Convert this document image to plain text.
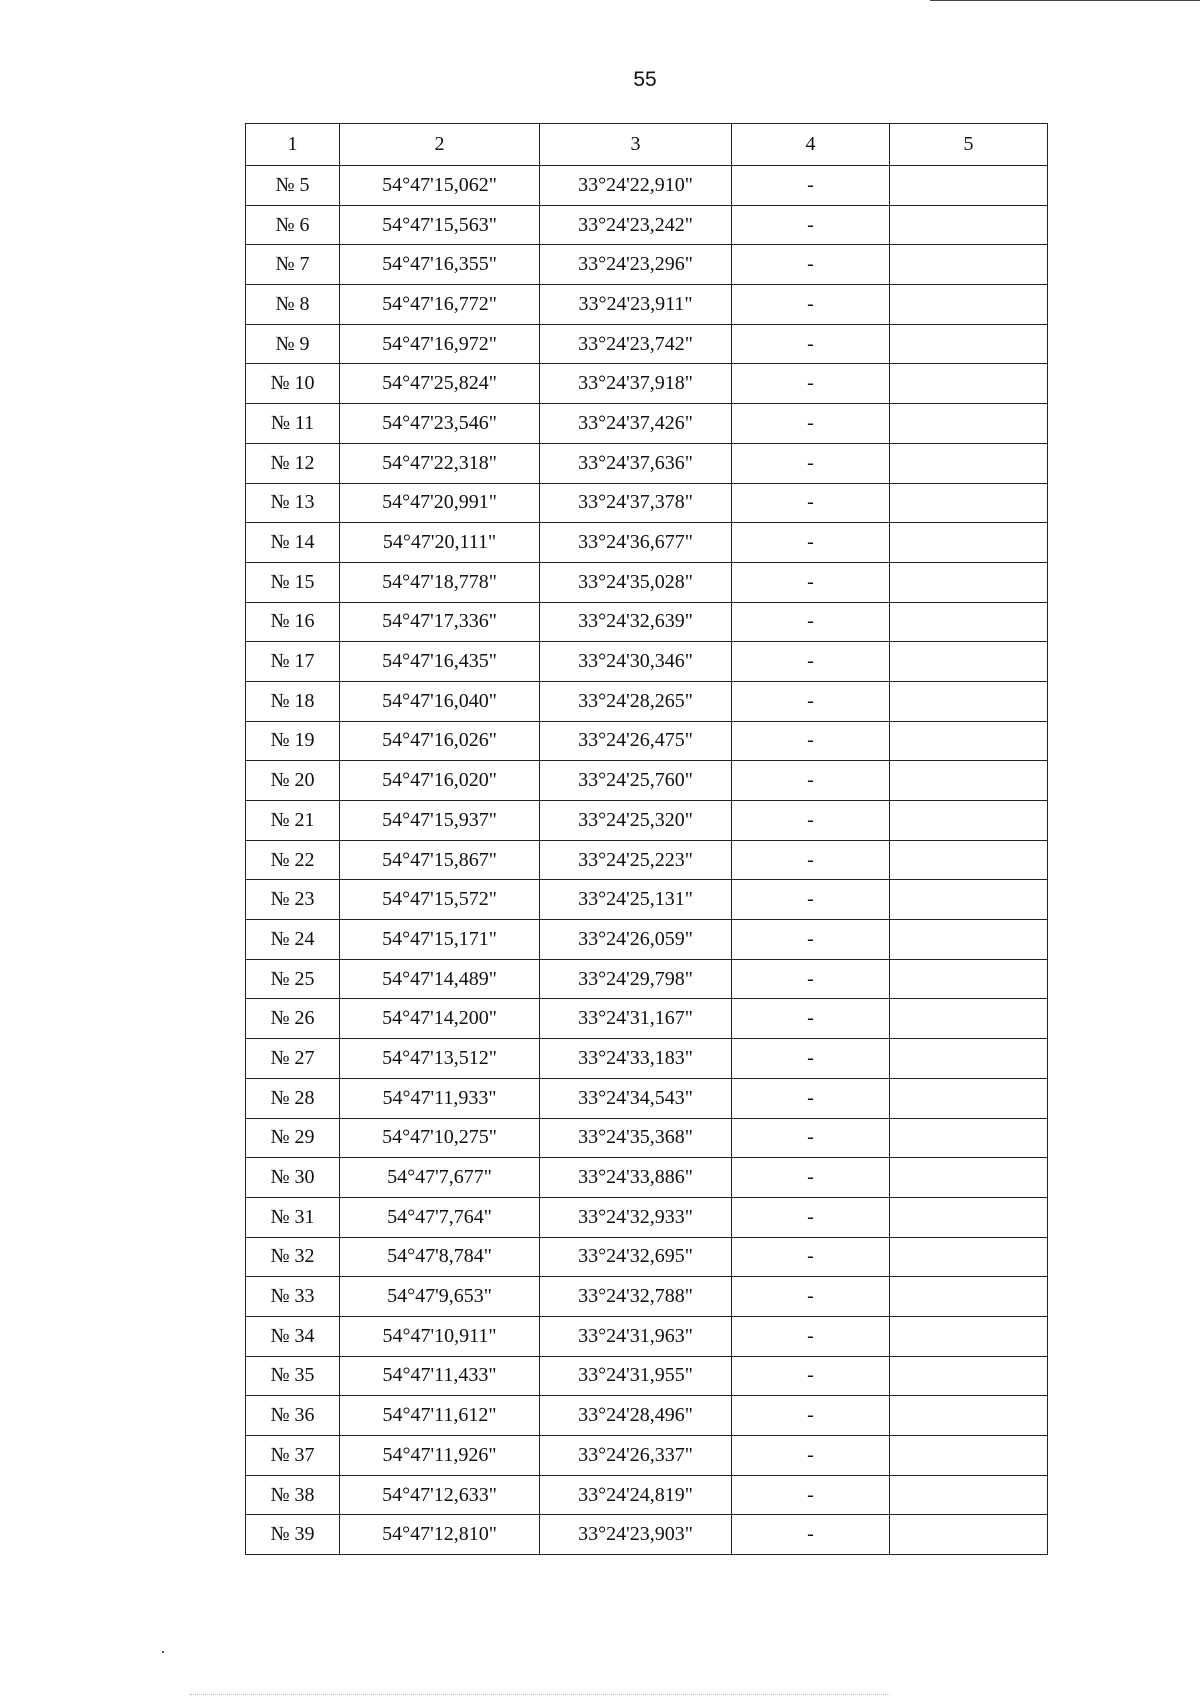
55
1	2	3	4	5
№ 5	54°47'15,062"	33°24'22,910"	-	
№ 6	54°47'15,563"	33°24'23,242"	-	
№ 7	54°47'16,355"	33°24'23,296"	-	
№ 8	54°47'16,772"	33°24'23,911"	-	
№ 9	54°47'16,972"	33°24'23,742"	-	
№ 10	54°47'25,824"	33°24'37,918"	-	
№ 11	54°47'23,546"	33°24'37,426"	-	
№ 12	54°47'22,318"	33°24'37,636"	-	
№ 13	54°47'20,991"	33°24'37,378"	-	
№ 14	54°47'20,111"	33°24'36,677"	-	
№ 15	54°47'18,778"	33°24'35,028"	-	
№ 16	54°47'17,336"	33°24'32,639"	-	
№ 17	54°47'16,435"	33°24'30,346"	-	
№ 18	54°47'16,040"	33°24'28,265"	-	
№ 19	54°47'16,026"	33°24'26,475"	-	
№ 20	54°47'16,020"	33°24'25,760"	-	
№ 21	54°47'15,937"	33°24'25,320"	-	
№ 22	54°47'15,867"	33°24'25,223"	-	
№ 23	54°47'15,572"	33°24'25,131"	-	
№ 24	54°47'15,171"	33°24'26,059"	-	
№ 25	54°47'14,489"	33°24'29,798"	-	
№ 26	54°47'14,200"	33°24'31,167"	-	
№ 27	54°47'13,512"	33°24'33,183"	-	
№ 28	54°47'11,933"	33°24'34,543"	-	
№ 29	54°47'10,275"	33°24'35,368"	-	
№ 30	54°47'7,677"	33°24'33,886"	-	
№ 31	54°47'7,764"	33°24'32,933"	-	
№ 32	54°47'8,784"	33°24'32,695"	-	
№ 33	54°47'9,653"	33°24'32,788"	-	
№ 34	54°47'10,911"	33°24'31,963"	-	
№ 35	54°47'11,433"	33°24'31,955"	-	
№ 36	54°47'11,612"	33°24'28,496"	-	
№ 37	54°47'11,926"	33°24'26,337"	-	
№ 38	54°47'12,633"	33°24'24,819"	-	
№ 39	54°47'12,810"	33°24'23,903"	-	
